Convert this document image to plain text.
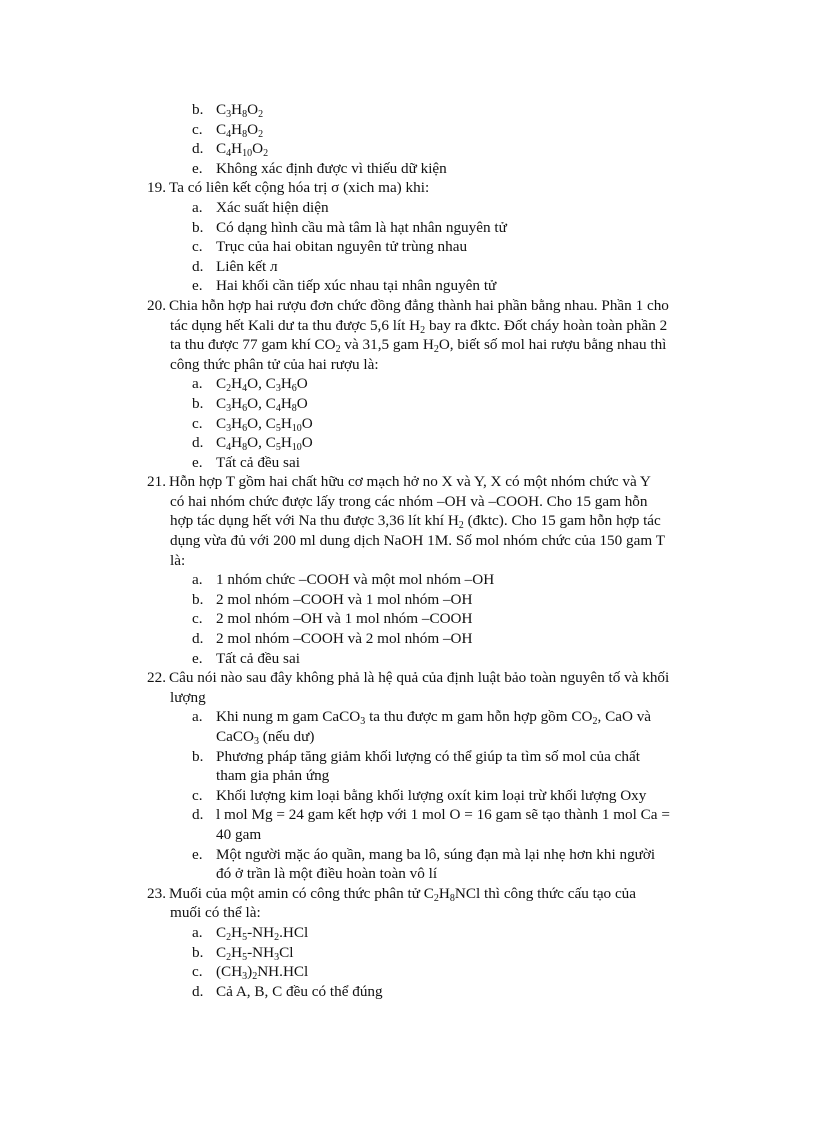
b. $C_3H_8O_2$
c. $C_4H_8O_2$
d. $C_4H_{10}O_2$
e. Không xác định được vì thiếu dữ kiện
19. Ta có liên kết cộng hóa trị σ (xich ma) khi:
a. Xác suất hiện diện
b. Có dạng hình cầu mà tâm là hạt nhân nguyên tử
c. Trục của hai obitan nguyên tử trùng nhau
d. Liên kết л
e. Hai khối cần tiếp xúc nhau tại nhân nguyên tử
20. Chia hỗn hợp hai rượu đơn chức đồng đẳng thành hai phần bằng nhau. Phần 1 cho
tác dụng hết Kali dư ta thu được 5,6 lít $H_2$ bay ra đktc. Đốt cháy hoàn toàn phần 2
ta thu được 77 gam khí $CO_2$ và 31,5 gam $H_2O$, biết số mol hai rượu bằng nhau thì
công thức phân tử của hai rượu là:
a. $C_2H_4O$, $C_3H_6O$
b. $C_3H_6O$, $C_4H_8O$
c. $C_3H_6O$, $C_5H_{10}O$
d. $C_4H_8O$, $C_5H_{10}O$
e. Tất cả đều sai
21. Hỗn hợp T gồm hai chất hữu cơ mạch hở no X và Y, X có một nhóm chức và Y
có hai nhóm chức được lấy trong các nhóm –OH và –COOH. Cho 15 gam hỗn
hợp tác dụng hết với Na thu được 3,36 lít khí $H_2$ (đktc). Cho 15 gam hỗn hợp tác
dụng vừa đủ với 200 ml dung dịch NaOH 1M. Số mol nhóm chức của 150 gam T
là:
a. 1 nhóm chức –COOH và một mol nhóm –OH
b. 2 mol nhóm –COOH và 1 mol nhóm –OH
c. 2 mol nhóm –OH và 1 mol nhóm –COOH
d. 2 mol nhóm –COOH và 2 mol nhóm –OH
e. Tất cả đều sai
22. Câu nói nào sau đây không phả là hệ quả của định luật bảo toàn nguyên tố và khối
lượng
a. Khi nung m gam CaCO$_3$ ta thu được m gam hỗn hợp gồm $CO_2$, CaO và
CaCO$_3$ (nếu dư)
b. Phương pháp tăng giảm khối lượng có thể giúp ta tìm số mol của chất
tham gia phản ứng
c. Khối lượng kim loại bằng khối lượng oxít kim loại trừ khối lượng Oxy
d. l mol Mg = 24 gam kết hợp với 1 mol O = 16 gam sẽ tạo thành 1 mol Ca =
40 gam
e. Một người mặc áo quần, mang ba lô, súng đạn mà lại nhẹ hơn khi người
đó ở trần là một điều hoàn toàn vô lí
23. Muối của một amin có công thức phân tử $C_2H_8NCl$ thì công thức cấu tạo của
muối có thể là:
a. $C_2H_5-NH_2.HCl$
b. $C_2H_5-NH_3Cl$
c. $(CH_3)_2NH.HCl$
d. Cả A, B, C đều có thể đúng
